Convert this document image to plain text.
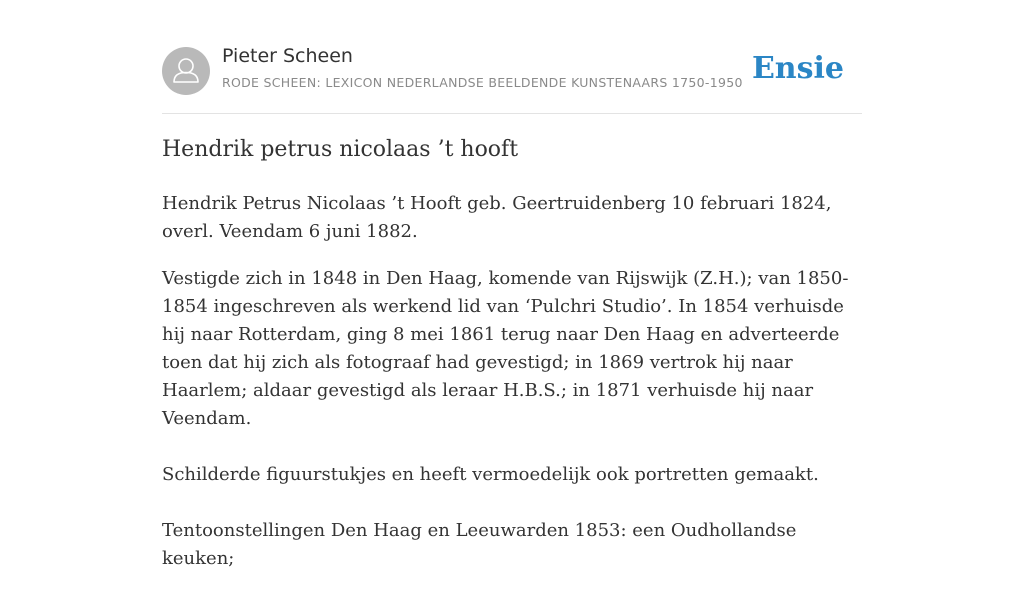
Pieter Scheen
RODE SCHEEN: LEXICON NEDERLANDSE BEELDENDE KUNSTENAARS 1750-1950 Ensie
Hendrik petrus nicolaas ’t hooft

Hendrik Petrus Nicolaas ’t Hooft geb. Geertruidenberg 10 februari 1824, overl. Veendam 6 juni 1882.

Vestigde zich in 1848 in Den Haag, komende van Rijswijk (Z.H.); van 1850-1854 ingeschreven als werkend lid van ‘Pulchri Studio’. In 1854 verhuisde hij naar Rotterdam, ging 8 mei 1861 terug naar Den Haag en adverteerde toen dat hij zich als fotograaf had gevestigd; in 1869 vertrok hij naar Haarlem; aldaar gevestigd als leraar H.B.S.; in 1871 verhuisde hij naar Veendam.

Schilderde figuurstukjes en heeft vermoedelijk ook portretten gemaakt.

Tentoonstellingen Den Haag en Leeuwarden 1853: een Oudhollandse keuken;
